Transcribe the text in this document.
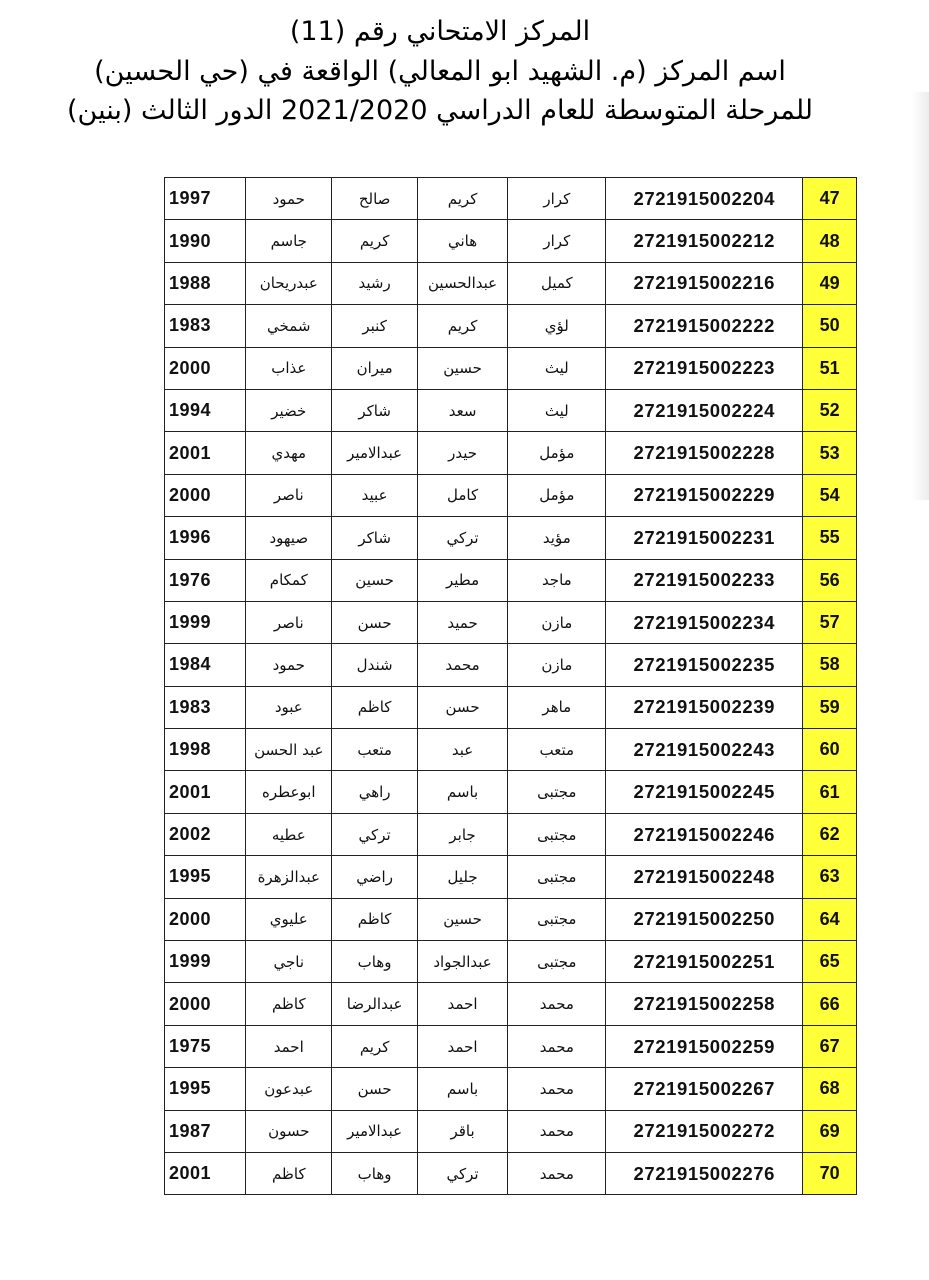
المركز الامتحاني رقم (11)
اسم المركز (م. الشهيد ابو المعالي) الواقعة في (حي الحسين)
للمرحلة المتوسطة للعام الدراسي 2021/2020 الدور الثالث (بنين)
1997	حمود	صالح	كريم	كرار	2721915002204	47
1990	جاسم	كريم	هاني	كرار	2721915002212	48
1988	عبدريحان	رشيد	عبدالحسين	كميل	2721915002216	49
1983	شمخي	كنبر	كريم	لؤي	2721915002222	50
2000	عذاب	ميران	حسين	ليث	2721915002223	51
1994	خضير	شاكر	سعد	ليث	2721915002224	52
2001	مهدي	عبدالامير	حيدر	مؤمل	2721915002228	53
2000	ناصر	عبيد	كامل	مؤمل	2721915002229	54
1996	صيهود	شاكر	تركي	مؤيد	2721915002231	55
1976	كمكام	حسين	مطير	ماجد	2721915002233	56
1999	ناصر	حسن	حميد	مازن	2721915002234	57
1984	حمود	شندل	محمد	مازن	2721915002235	58
1983	عبود	كاظم	حسن	ماهر	2721915002239	59
1998	عبد الحسن	متعب	عبد	متعب	2721915002243	60
2001	ابوعطره	راهي	باسم	مجتبى	2721915002245	61
2002	عطيه	تركي	جابر	مجتبى	2721915002246	62
1995	عبدالزهرة	راضي	جليل	مجتبى	2721915002248	63
2000	عليوي	كاظم	حسين	مجتبى	2721915002250	64
1999	ناجي	وهاب	عبدالجواد	مجتبى	2721915002251	65
2000	كاظم	عبدالرضا	احمد	محمد	2721915002258	66
1975	احمد	كريم	احمد	محمد	2721915002259	67
1995	عبدعون	حسن	باسم	محمد	2721915002267	68
1987	حسون	عبدالامير	باقر	محمد	2721915002272	69
2001	كاظم	وهاب	تركي	محمد	2721915002276	70
